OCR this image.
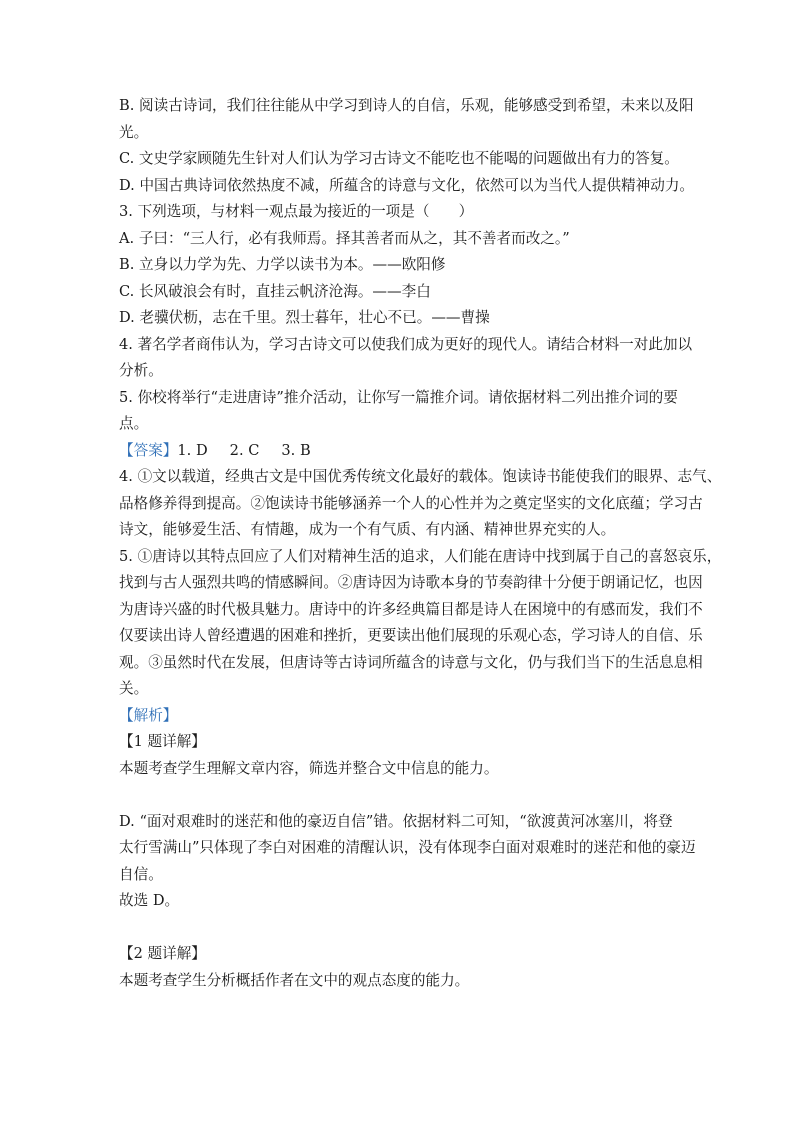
B. 阅读古诗词，我们往往能从中学习到诗人的自信，乐观，能够感受到希望，未来以及阳
光。
C. 文史学家顾随先生针对人们认为学习古诗文不能吃也不能喝的问题做出有力的答复。
D. 中国古典诗词依然热度不减，所蕴含的诗意与文化，依然可以为当代人提供精神动力。
3. 下列选项，与材料一观点最为接近的一项是（　　）
A. 子曰：“三人行，必有我师焉。择其善者而从之，其不善者而改之。”
B. 立身以力学为先、力学以读书为本。——欧阳修
C. 长风破浪会有时，直挂云帆济沧海。——李白
D. 老骥伏枥，志在千里。烈士暮年，壮心不已。——曹操
4. 著名学者商伟认为，学习古诗文可以使我们成为更好的现代人。请结合材料一对此加以
分析。
5. 你校将举行“走进唐诗”推介活动，让你写一篇推介词。请依据材料二列出推介词的要
点。
【答案】1. D 2. C 3. B
4. ①文以载道，经典古文是中国优秀传统文化最好的载体。饱读诗书能使我们的眼界、志气、
品格修养得到提高。②饱读诗书能够涵养一个人的心性并为之奠定坚实的文化底蕴；学习古
诗文，能够爱生活、有情趣，成为一个有气质、有内涵、精神世界充实的人。
5. ①唐诗以其特点回应了人们对精神生活的追求，人们能在唐诗中找到属于自己的喜怒哀乐，
找到与古人强烈共鸣的情感瞬间。②唐诗因为诗歌本身的节奏韵律十分便于朗诵记忆，也因
为唐诗兴盛的时代极具魅力。唐诗中的许多经典篇目都是诗人在困境中的有感而发，我们不
仅要读出诗人曾经遭遇的困难和挫折，更要读出他们展现的乐观心态，学习诗人的自信、乐
观。③虽然时代在发展，但唐诗等古诗词所蕴含的诗意与文化，仍与我们当下的生活息息相
关。
【解析】
【1 题详解】
本题考查学生理解文章内容，筛选并整合文中信息的能力。
D. “面对艰难时的迷茫和他的豪迈自信”错。依据材料二可知，“欲渡黄河冰塞川，将登
太行雪满山”只体现了李白对困难的清醒认识，没有体现李白面对艰难时的迷茫和他的豪迈
自信。
故选 D。
【2 题详解】
本题考查学生分析概括作者在文中的观点态度的能力。
